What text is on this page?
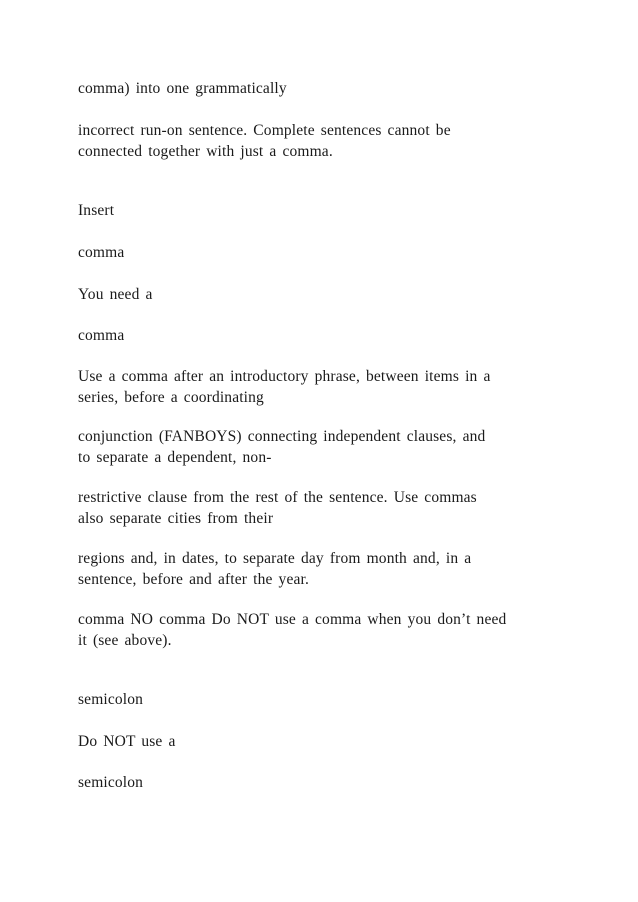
comma) into one grammatically

incorrect run-on sentence. Complete sentences cannot be
connected together with just a comma.

Insert

comma

You need a

comma

Use a comma after an introductory phrase, between items in a
series, before a coordinating

conjunction (FANBOYS) connecting independent clauses, and
to separate a dependent, non-

restrictive clause from the rest of the sentence. Use commas
also separate cities from their

regions and, in dates, to separate day from month and, in a
sentence, before and after the year.

comma NO comma Do NOT use a comma when you don’t need
it (see above).

semicolon

Do NOT use a

semicolon
